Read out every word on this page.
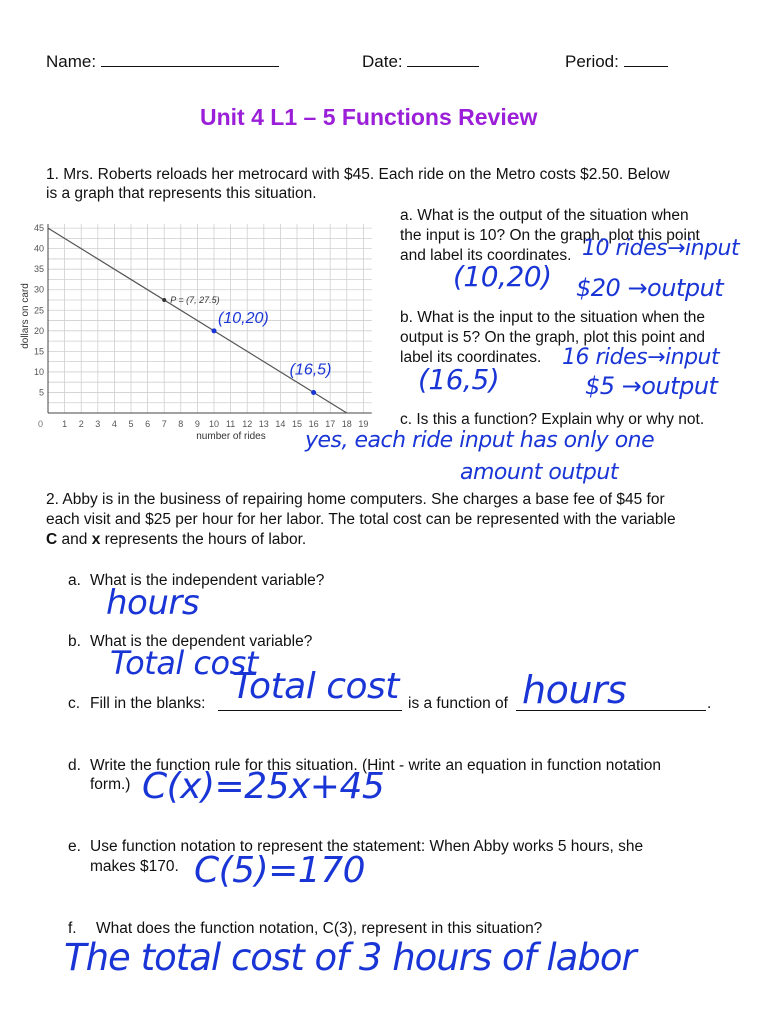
Name:	Date:	Period:
Unit 4 L1 – 5 Functions Review
1. Mrs. Roberts reloads her metrocard with $45. Each ride on the Metro costs $2.50. Below
is a graph that represents this situation.
0 1 2 3 4 5 6 7 8 9 10 11 12 13 14 15 16 17 18 19
5
10
15
20
25
30
35
40
45
P = (7, 27.5)
(10,20)
(16,5)
number of rides
dollars on card
a. What is the output of the situation when
the input is 10? On the graph, plot this point
and label its coordinates.
b. What is the input to the situation when the
output is 5? On the graph, plot this point and
label its coordinates.
c. Is this a function? Explain why or why not.
10 rides→input
(10,20) $20 →output
16 rides→input
(16,5)	$5 →output
yes, each ride input has only one
amount output
2. Abby is in the business of repairing home computers. She charges a base fee of $45 for
each visit and $25 per hour for her labor. The total cost can be represented with the variable
C and x represents the hours of labor.
a. What is the independent variable?
hours
b. What is the dependent variable?
Total cost
c. Fill in the blanks:	is a function of	.
Total cost	hours
d. Write the function rule for this situation. (Hint - write an equation in function notation
form.) C(x)=25x+45
e. Use function notation to represent the statement: When Abby works 5 hours, she
makes $170. C(5)=170
f. What does the function notation, C(3), represent in this situation?
The total cost of 3 hours of labor
